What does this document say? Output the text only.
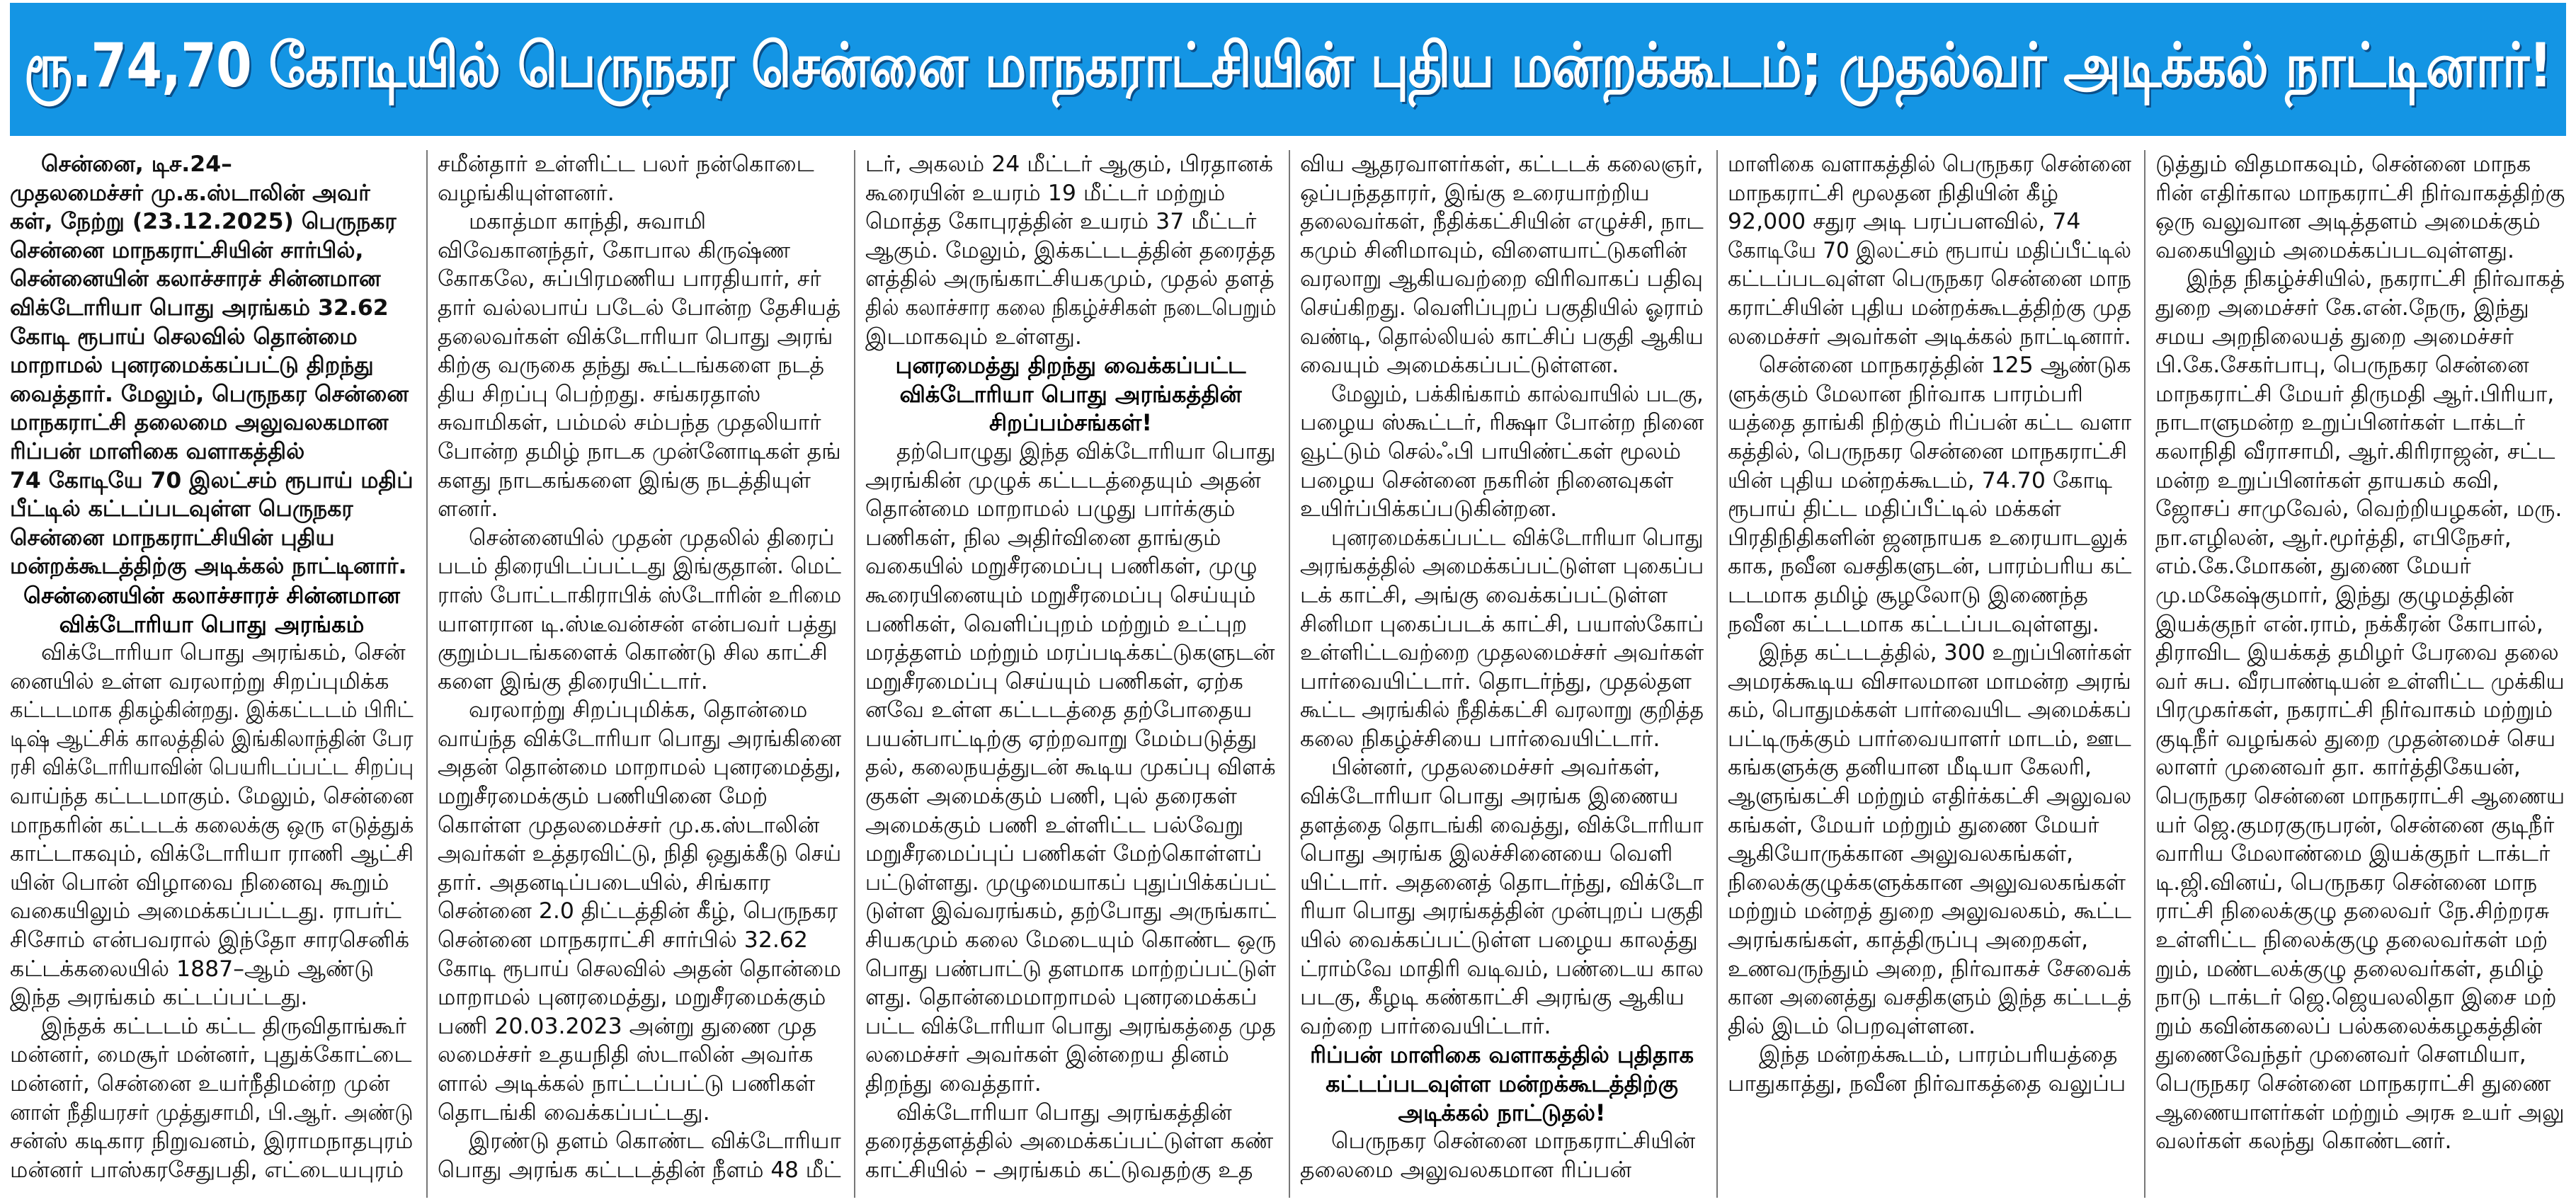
ரூ.74,70 கோடியில் பெருநகர சென்னை மாநகராட்சியின் புதிய மன்றக்கூடம்; முதல்வர் அடிக்கல் நாட்டினார்!
சென்னை, டிச.24–
முதலமைச்சர் மு.க.ஸ்டாலின் அவர்
கள், நேற்று (23.12.2025) பெருநகர
சென்னை மாநகராட்சியின் சார்பில்,
சென்னையின் கலாச்சாரச் சின்னமான
விக்டோரியா பொது அரங்கம் 32.62
கோடி ரூபாய் செலவில் தொன்மை
மாறாமல் புனரமைக்கப்பட்டு திறந்து
வைத்தார். மேலும், பெருநகர சென்னை
மாநகராட்சி தலைமை அலுவலகமான
ரிப்பன் மாளிகை வளாகத்தில்
74 கோடியே 70 இலட்சம் ரூபாய் மதிப்
பீட்டில் கட்டப்படவுள்ள பெருநகர
சென்னை மாநகராட்சியின் புதிய
மன்றக்கூடத்திற்கு அடிக்கல் நாட்டினார்.
சென்னையின் கலாச்சாரச் சின்னமான
விக்டோரியா பொது அரங்கம்
விக்டோரியா பொது அரங்கம், சென்
னையில் உள்ள வரலாற்று சிறப்புமிக்க
கட்டடமாக திகழ்கின்றது. இக்கட்டடம் பிரிட்
டிஷ் ஆட்சிக் காலத்தில் இங்கிலாந்தின் பேர
ரசி விக்டோரியாவின் பெயரிடப்பட்ட சிறப்பு
வாய்ந்த கட்டடமாகும். மேலும், சென்னை
மாநகரின் கட்டடக் கலைக்கு ஒரு எடுத்துக்
காட்டாகவும், விக்டோரியா ராணி ஆட்சி
யின் பொன் விழாவை நினைவு கூறும்
வகையிலும் அமைக்கப்பட்டது. ராபர்ட்
சிசோம் என்பவரால் இந்தோ சாரசெனிக்
கட்டக்கலையில் 1887–ஆம் ஆண்டு
இந்த அரங்கம் கட்டப்பட்டது.
இந்தக் கட்டடம் கட்ட திருவிதாங்கூர்
மன்னர், மைசூர் மன்னர், புதுக்கோட்டை
மன்னர், சென்னை உயர்நீதிமன்ற முன்
னாள் நீதியரசர் முத்துசாமி, பி.ஆர். அண்டு
சன்ஸ் கடிகார நிறுவனம், இராமநாதபுரம்
மன்னர் பாஸ்கரசேதுபதி, எட்டையபுரம்
சமீன்தார் உள்ளிட்ட பலர் நன்கொடை
வழங்கியுள்ளனர்.
மகாத்மா காந்தி, சுவாமி
விவேகானந்தர், கோபால கிருஷ்ண
கோகலே, சுப்பிரமணிய பாரதியார், சர்
தார் வல்லபாய் படேல் போன்ற தேசியத்
தலைவர்கள் விக்டோரியா பொது அரங்
கிற்கு வருகை தந்து கூட்டங்களை நடத்
திய சிறப்பு பெற்றது. சங்கரதாஸ்
சுவாமிகள், பம்மல் சம்பந்த முதலியார்
போன்ற தமிழ் நாடக முன்னோடிகள் தங்
களது நாடகங்களை இங்கு நடத்தியுள்
ளனர்.
சென்னையில் முதன் முதலில் திரைப்
படம் திரையிடப்பட்டது இங்குதான். மெட்
ராஸ் போட்டாகிராபிக் ஸ்டோரின் உரிமை
யாளரான டி.ஸ்டீவன்சன் என்பவர் பத்து
குறும்படங்களைக் கொண்டு சில காட்சி
களை இங்கு திரையிட்டார்.
வரலாற்று சிறப்புமிக்க, தொன்மை
வாய்ந்த விக்டோரியா பொது அரங்கினை
அதன் தொன்மை மாறாமல் புனரமைத்து,
மறுசீரமைக்கும் பணியினை மேற்
கொள்ள முதலமைச்சர் மு.க.ஸ்டாலின்
அவர்கள் உத்தரவிட்டு, நிதி ஒதுக்கீடு செய்
தார். அதனடிப்படையில், சிங்கார
சென்னை 2.0 திட்டத்தின் கீழ், பெருநகர
சென்னை மாநகராட்சி சார்பில் 32.62
கோடி ரூபாய் செலவில் அதன் தொன்மை
மாறாமல் புனரமைத்து, மறுசீரமைக்கும்
பணி 20.03.2023 அன்று துணை முத
லமைச்சர் உதயநிதி ஸ்டாலின் அவர்க
ளால் அடிக்கல் நாட்டப்பட்டு பணிகள்
தொடங்கி வைக்கப்பட்டது.
இரண்டு தளம் கொண்ட விக்டோரியா
பொது அரங்க கட்டடத்தின் நீளம் 48 மீட்
டர், அகலம் 24 மீட்டர் ஆகும், பிரதானக்
கூரையின் உயரம் 19 மீட்டர் மற்றும்
மொத்த கோபுரத்தின் உயரம் 37 மீட்டர்
ஆகும். மேலும், இக்கட்டடத்தின் தரைத்த
ளத்தில் அருங்காட்சியகமும், முதல் தளத்
தில் கலாச்சார கலை நிகழ்ச்சிகள் நடைபெறும்
இடமாகவும் உள்ளது.
புனரமைத்து திறந்து வைக்கப்பட்ட
விக்டோரியா பொது அரங்கத்தின்
சிறப்பம்சங்கள்!
தற்பொழுது இந்த விக்டோரியா பொது
அரங்கின் முழுக் கட்டடத்தையும் அதன்
தொன்மை மாறாமல் பழுது பார்க்கும்
பணிகள், நில அதிர்வினை தாங்கும்
வகையில் மறுசீரமைப்பு பணிகள், முழு
கூரையினையும் மறுசீரமைப்பு செய்யும்
பணிகள், வெளிப்புறம் மற்றும் உட்புற
மரத்தளம் மற்றும் மரப்படிக்கட்டுகளுடன்
மறுசீரமைப்பு செய்யும் பணிகள், ஏற்க
னவே உள்ள கட்டடத்தை தற்போதைய
பயன்பாட்டிற்கு ஏற்றவாறு மேம்படுத்து
தல், கலைநயத்துடன் கூடிய முகப்பு விளக்
குகள் அமைக்கும் பணி, புல் தரைகள்
அமைக்கும் பணி உள்ளிட்ட பல்வேறு
மறுசீரமைப்புப் பணிகள் மேற்கொள்ளப்
பட்டுள்ளது. முழுமையாகப் புதுப்பிக்கப்பட்
டுள்ள இவ்வரங்கம், தற்போது அருங்காட்
சியகமும் கலை மேடையும் கொண்ட ஒரு
பொது பண்பாட்டு தளமாக மாற்றப்பட்டுள்
ளது. தொன்மைமாறாமல் புனரமைக்கப்
பட்ட விக்டோரியா பொது அரங்கத்தை முத
லமைச்சர் அவர்கள் இன்றைய தினம்
திறந்து வைத்தார்.
விக்டோரியா பொது அரங்கத்தின்
தரைத்தளத்தில் அமைக்கப்பட்டுள்ள கண்
காட்சியில் – அரங்கம் கட்டுவதற்கு உத
விய ஆதரவாளர்கள், கட்டடக் கலைஞர்,
ஒப்பந்ததாரர், இங்கு உரையாற்றிய
தலைவர்கள், நீதிக்கட்சியின் எழுச்சி, நாட
கமும் சினிமாவும், விளையாட்டுகளின்
வரலாறு ஆகியவற்றை விரிவாகப் பதிவு
செய்கிறது. வெளிப்புறப் பகுதியில் ஓராம்
வண்டி, தொல்லியல் காட்சிப் பகுதி ஆகிய
வையும் அமைக்கப்பட்டுள்ளன.
மேலும், பக்கிங்காம் கால்வாயில் படகு,
பழைய ஸ்கூட்டர், ரிக்ஷா போன்ற நினை
வூட்டும் செல்ஃபி பாயிண்ட்கள் மூலம்
பழைய சென்னை நகரின் நினைவுகள்
உயிர்ப்பிக்கப்படுகின்றன.
புனரமைக்கப்பட்ட விக்டோரியா பொது
அரங்கத்தில் அமைக்கப்பட்டுள்ள புகைப்ப
டக் காட்சி, அங்கு வைக்கப்பட்டுள்ள
சினிமா புகைப்படக் காட்சி, பயாஸ்கோப்
உள்ளிட்டவற்றை முதலமைச்சர் அவர்கள்
பார்வையிட்டார். தொடர்ந்து, முதல்தள
கூட்ட அரங்கில் நீதிக்கட்சி வரலாறு குறித்த
கலை நிகழ்ச்சியை பார்வையிட்டார்.
பின்னர், முதலமைச்சர் அவர்கள்,
விக்டோரியா பொது அரங்க இணைய
தளத்தை தொடங்கி வைத்து, விக்டோரியா
பொது அரங்க இலச்சினையை வெளி
யிட்டார். அதனைத் தொடர்ந்து, விக்டோ
ரியா பொது அரங்கத்தின் முன்புறப் பகுதி
யில் வைக்கப்பட்டுள்ள பழைய காலத்து
ட்ராம்வே மாதிரி வடிவம், பண்டைய கால
படகு, கீழடி கண்காட்சி அரங்கு ஆகிய
வற்றை பார்வையிட்டார்.
ரிப்பன் மாளிகை வளாகத்தில் புதிதாக
கட்டப்படவுள்ள மன்றக்கூடத்திற்கு
அடிக்கல் நாட்டுதல்!
பெருநகர சென்னை மாநகராட்சியின்
தலைமை அலுவலகமான ரிப்பன்
மாளிகை வளாகத்தில் பெருநகர சென்னை
மாநகராட்சி மூலதன நிதியின் கீழ்
92,000 சதுர அடி பரப்பளவில், 74
கோடியே 70 இலட்சம் ரூபாய் மதிப்பீட்டில்
கட்டப்படவுள்ள பெருநகர சென்னை மாந
கராட்சியின் புதிய மன்றக்கூடத்திற்கு முத
லமைச்சர் அவர்கள் அடிக்கல் நாட்டினார்.
சென்னை மாநகரத்தின் 125 ஆண்டுக
ளுக்கும் மேலான நிர்வாக பாரம்பரி
யத்தை தாங்கி நிற்கும் ரிப்பன் கட்ட வளா
கத்தில், பெருநகர சென்னை மாநகராட்சி
யின் புதிய மன்றக்கூடம், 74.70 கோடி
ரூபாய் திட்ட மதிப்பீட்டில் மக்கள்
பிரதிநிதிகளின் ஜனநாயக உரையாடலுக்
காக, நவீன வசதிகளுடன், பாரம்பரிய கட்
டடமாக தமிழ் சூழலோடு இணைந்த
நவீன கட்டடமாக கட்டப்படவுள்ளது.
இந்த கட்டடத்தில், 300 உறுப்பினர்கள்
அமரக்கூடிய விசாலமான மாமன்ற அரங்
கம், பொதுமக்கள் பார்வையிட அமைக்கப்
பட்டிருக்கும் பார்வையாளர் மாடம், ஊட
கங்களுக்கு தனியான மீடியா கேலரி,
ஆளுங்கட்சி மற்றும் எதிர்க்கட்சி அலுவல
கங்கள், மேயர் மற்றும் துணை மேயர்
ஆகியோருக்கான அலுவலகங்கள்,
நிலைக்குழுக்களுக்கான அலுவலகங்கள்
மற்றும் மன்றத் துறை அலுவலகம், கூட்ட
அரங்கங்கள், காத்திருப்பு அறைகள்,
உணவருந்தும் அறை, நிர்வாகச் சேவைக்
கான அனைத்து வசதிகளும் இந்த கட்டடத்
தில் இடம் பெறவுள்ளன.
இந்த மன்றக்கூடம், பாரம்பரியத்தை
பாதுகாத்து, நவீன நிர்வாகத்தை வலுப்ப
டுத்தும் விதமாகவும், சென்னை மாநக
ரின் எதிர்கால மாநகராட்சி நிர்வாகத்திற்கு
ஒரு வலுவான அடித்தளம் அமைக்கும்
வகையிலும் அமைக்கப்படவுள்ளது.
இந்த நிகழ்ச்சியில், நகராட்சி நிர்வாகத்
துறை அமைச்சர் கே.என்.நேரு, இந்து
சமய அறநிலையத் துறை அமைச்சர்
பி.கே.சேகர்பாபு, பெருநகர சென்னை
மாநகராட்சி மேயர் திருமதி ஆர்.பிரியா,
நாடாளுமன்ற உறுப்பினர்கள் டாக்டர்
கலாநிதி வீராசாமி, ஆர்.கிரிராஜன், சட்ட
மன்ற உறுப்பினர்கள் தாயகம் கவி,
ஜோசப் சாமுவேல், வெற்றியழகன், மரு.
நா.எழிலன், ஆர்.மூர்த்தி, எபிநேசர்,
எம்.கே.மோகன், துணை மேயர்
மு.மகேஷ்குமார், இந்து குழுமத்தின்
இயக்குநர் என்.ராம், நக்கீரன் கோபால்,
திராவிட இயக்கத் தமிழர் பேரவை தலை
வர் சுப. வீரபாண்டியன் உள்ளிட்ட முக்கிய
பிரமுகர்கள், நகராட்சி நிர்வாகம் மற்றும்
குடிநீர் வழங்கல் துறை முதன்மைச் செய
லாளர் முனைவர் தா. கார்த்திகேயன்,
பெருநகர சென்னை மாநகராட்சி ஆணைய
யர் ஜெ.குமரகுருபரன், சென்னை குடிநீர்
வாரிய மேலாண்மை இயக்குநர் டாக்டர்
டி.ஜி.வினய், பெருநகர சென்னை மாந
ராட்சி நிலைக்குழு தலைவர் நே.சிற்றரசு
உள்ளிட்ட நிலைக்குழு தலைவர்கள் மற்
றும், மண்டலக்குழு தலைவர்கள், தமிழ்
நாடு டாக்டர் ஜெ.ஜெயலலிதா இசை மற்
றும் கவின்கலைப் பல்கலைக்கழகத்தின்
துணைவேந்தர் முனைவர் சௌமியா,
பெருநகர சென்னை மாநகராட்சி துணை
ஆணையாளர்கள் மற்றும் அரசு உயர் அலு
வலர்கள் கலந்து கொண்டனர்.
